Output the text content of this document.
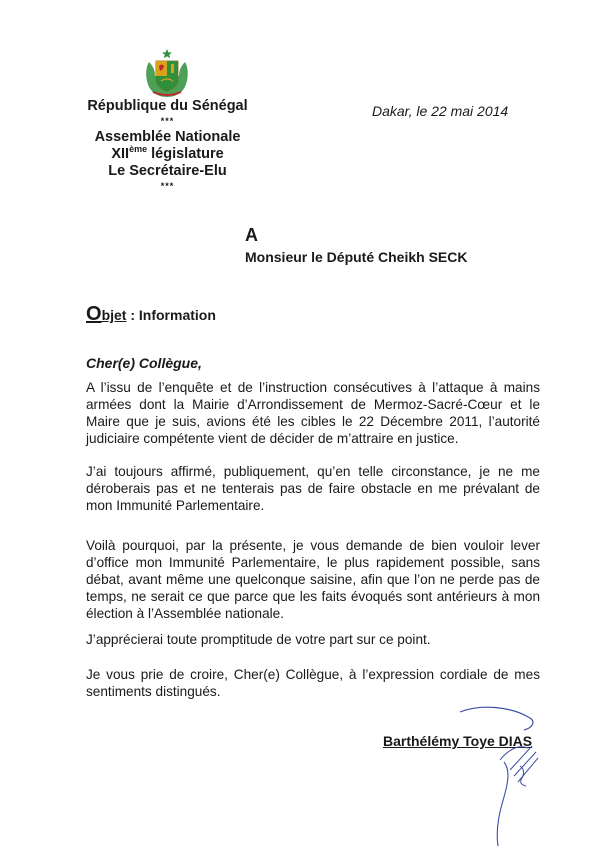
République du Sénégal
***
Assemblée Nationale
XIIème législature
Le Secrétaire-Elu
***
Dakar, le 22 mai 2014
A
Monsieur le Député Cheikh SECK
Objet : Information
Cher(e) Collègue,
A l’issu de l’enquête et de l’instruction consécutives à l’attaque à mains armées dont la Mairie d’Arrondissement de Mermoz-Sacré-Cœur et le Maire que je suis, avions été les cibles le 22 Décembre 2011, l’autorité judiciaire compétente vient de décider de m’attraire en justice.
J’ai toujours affirmé, publiquement, qu’en telle circonstance, je ne me déroberais pas et ne tenterais pas de faire obstacle en me prévalant de mon Immunité Parlementaire.
Voilà pourquoi, par la présente, je vous demande de bien vouloir lever d’office mon Immunité Parlementaire, le plus rapidement possible, sans débat, avant même une quelconque saisine, afin que l’on ne perde pas de temps, ne serait ce que parce que les faits évoqués sont antérieurs à mon élection à l’Assemblée nationale.
J’apprécierai toute promptitude de votre part sur ce point.
Je vous prie de croire, Cher(e) Collègue, à l’expression cordiale de mes sentiments distingués.
Barthélémy Toye DIAS
